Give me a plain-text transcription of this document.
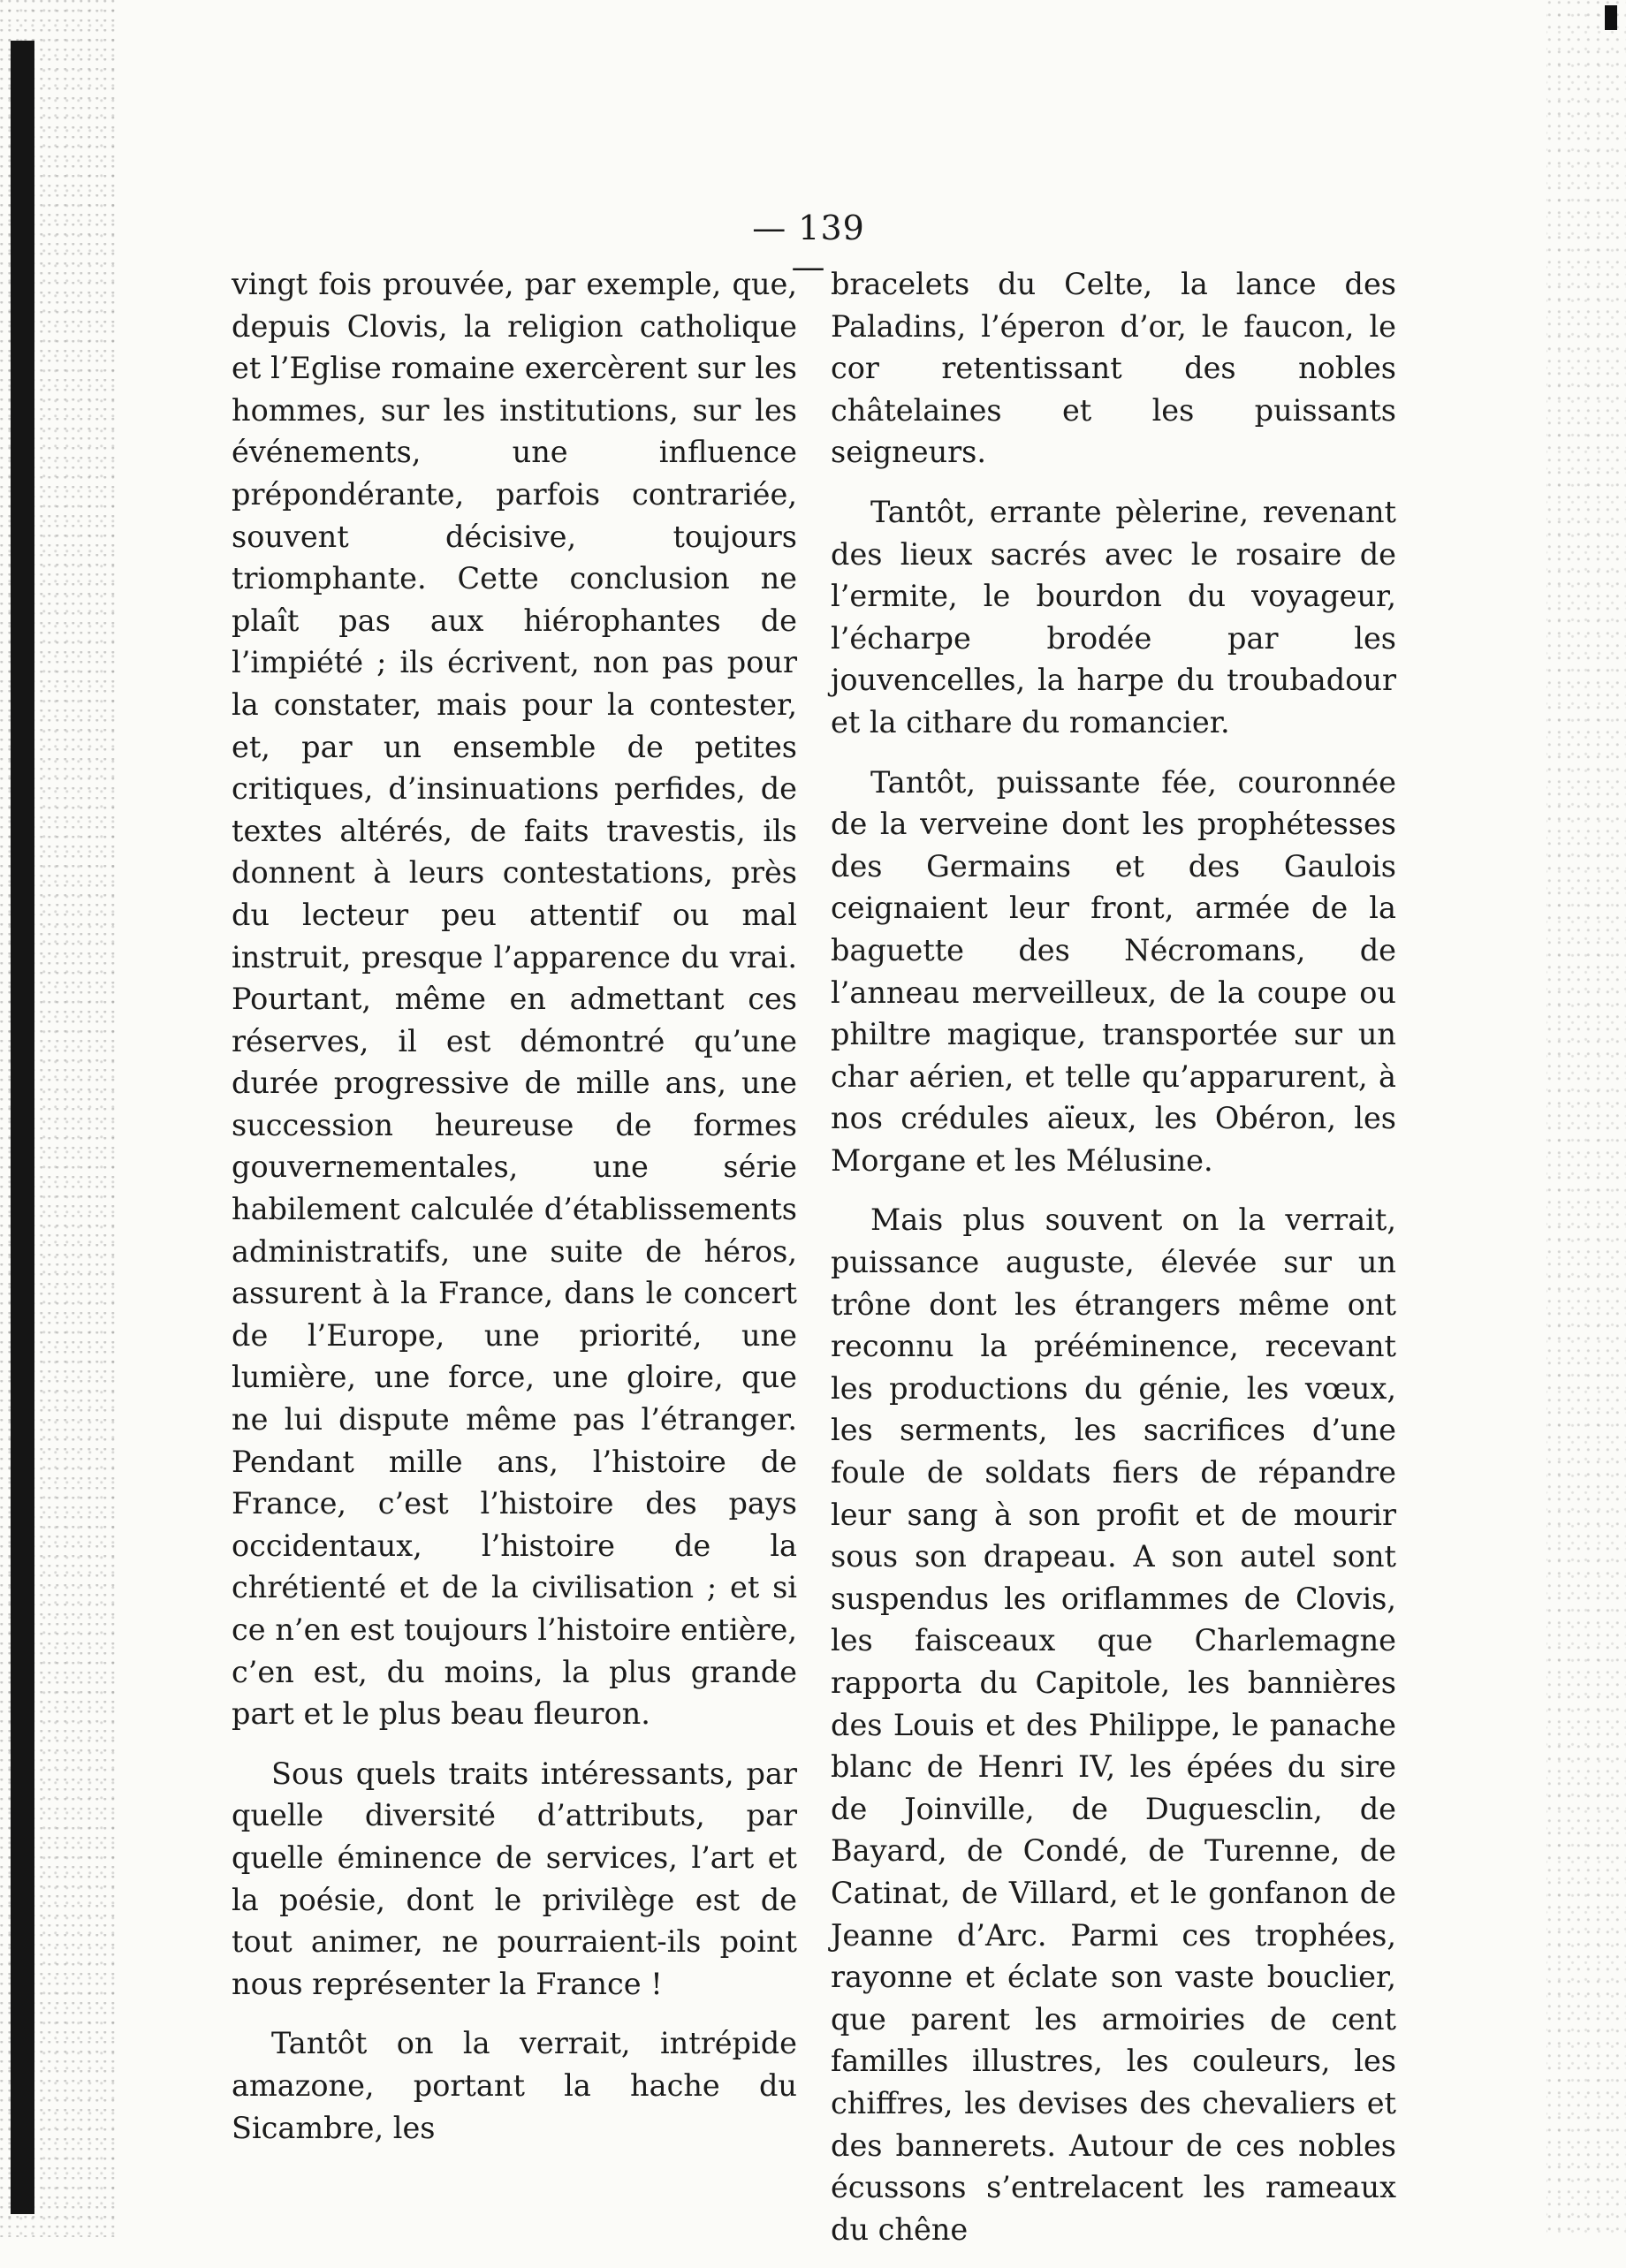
— 139 —

vingt fois prouvée, par exemple, que, depuis Clovis, la religion catholique et l’Eglise romaine exercèrent sur les hommes, sur les institutions, sur les événements, une influence prépondérante, parfois contrariée, souvent décisive, toujours triomphante. Cette conclusion ne plaît pas aux hiérophantes de l’impiété ; ils écrivent, non pas pour la constater, mais pour la contester, et, par un ensemble de petites critiques, d’insinuations perfides, de textes altérés, de faits travestis, ils donnent à leurs contestations, près du lecteur peu attentif ou mal instruit, presque l’apparence du vrai. Pourtant, même en admettant ces réserves, il est démontré qu’une durée progressive de mille ans, une succession heureuse de formes gouvernementales, une série habilement calculée d’établissements administratifs, une suite de héros, assurent à la France, dans le concert de l’Europe, une priorité, une lumière, une force, une gloire, que ne lui dispute même pas l’étranger. Pendant mille ans, l’histoire de France, c’est l’histoire des pays occidentaux, l’histoire de la chrétienté et de la civilisation ; et si ce n’en est toujours l’histoire entière, c’en est, du moins, la plus grande part et le plus beau fleuron.

Sous quels traits intéressants, par quelle diversité d’attributs, par quelle éminence de services, l’art et la poésie, dont le privilège est de tout animer, ne pourraient-ils point nous représenter la France !

Tantôt on la verrait, intrépide amazone, portant la hache du Sicambre, les

bracelets du Celte, la lance des Paladins, l’éperon d’or, le faucon, le cor retentissant des nobles châtelaines et les puissants seigneurs.

Tantôt, errante pèlerine, revenant des lieux sacrés avec le rosaire de l’ermite, le bourdon du voyageur, l’écharpe brodée par les jouvencelles, la harpe du troubadour et la cithare du romancier.

Tantôt, puissante fée, couronnée de la verveine dont les prophétesses des Germains et des Gaulois ceignaient leur front, armée de la baguette des Nécromans, de l’anneau merveilleux, de la coupe ou philtre magique, transportée sur un char aérien, et telle qu’apparurent, à nos crédules aïeux, les Obéron, les Morgane et les Mélusine.

Mais plus souvent on la verrait, puissance auguste, élevée sur un trône dont les étrangers même ont reconnu la prééminence, recevant les productions du génie, les vœux, les serments, les sacrifices d’une foule de soldats fiers de répandre leur sang à son profit et de mourir sous son drapeau. A son autel sont suspendus les oriflammes de Clovis, les faisceaux que Charlemagne rapporta du Capitole, les bannières des Louis et des Philippe, le panache blanc de Henri IV, les épées du sire de Joinville, de Duguesclin, de Bayard, de Condé, de Turenne, de Catinat, de Villard, et le gonfanon de Jeanne d’Arc. Parmi ces trophées, rayonne et éclate son vaste bouclier, que parent les armoiries de cent familles illustres, les couleurs, les chiffres, les devises des chevaliers et des bannerets. Autour de ces nobles écussons s’entrelacent les rameaux du chêne
